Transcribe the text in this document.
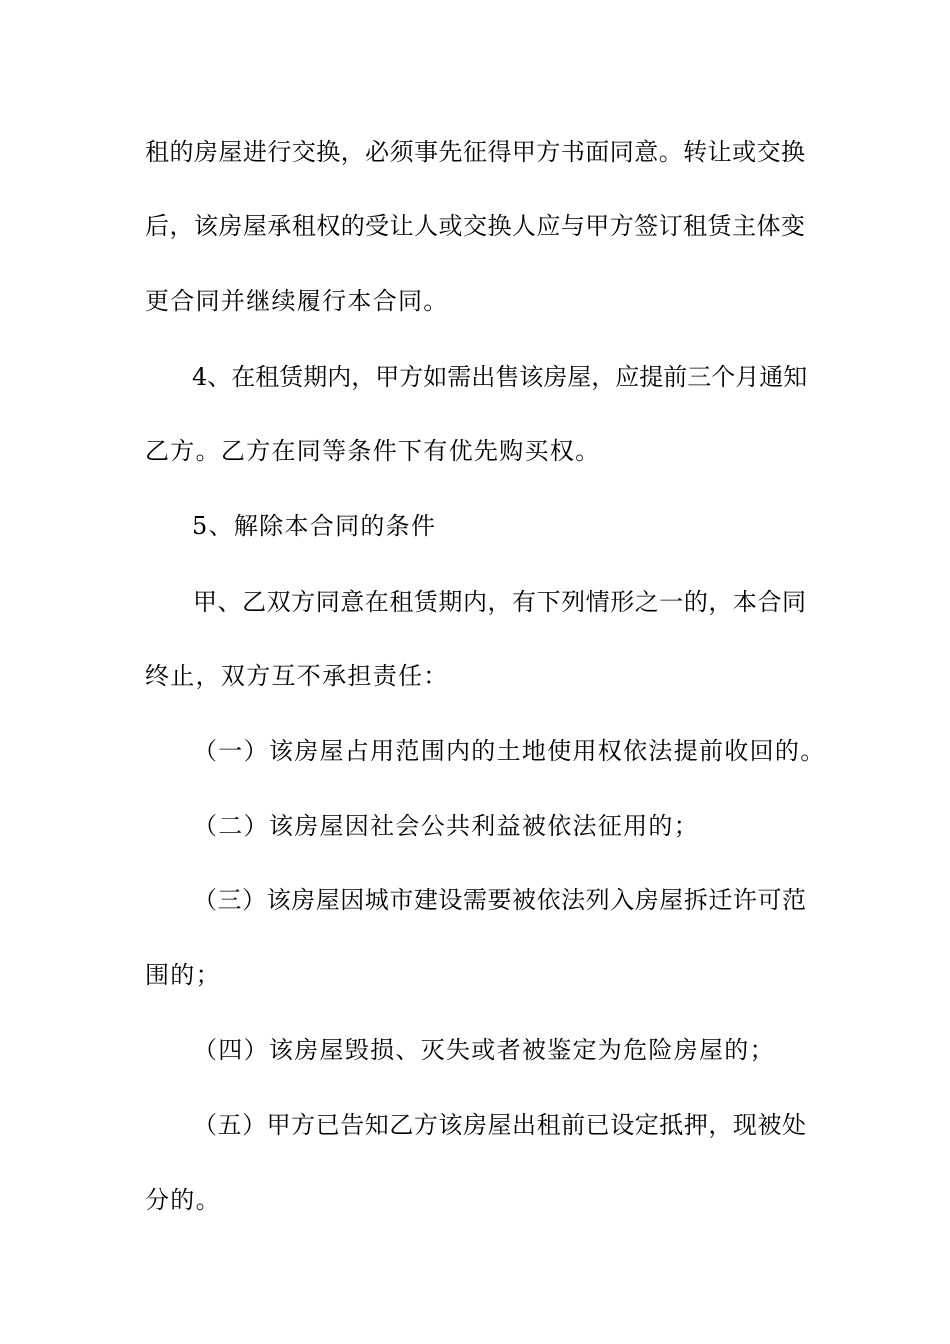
租的房屋进行交换，必须事先征得甲方书面同意。转让或交换
后，该房屋承租权的受让人或交换人应与甲方签订租赁主体变
更合同并继续履行本合同。
4、在租赁期内，甲方如需出售该房屋，应提前三个月通知
乙方。乙方在同等条件下有优先购买权。
5、解除本合同的条件
甲、乙双方同意在租赁期内，有下列情形之一的，本合同
终止，双方互不承担责任：
（一）该房屋占用范围内的土地使用权依法提前收回的。
（二）该房屋因社会公共利益被依法征用的；
（三）该房屋因城市建设需要被依法列入房屋拆迁许可范
围的；
（四）该房屋毁损、灭失或者被鉴定为危险房屋的；
（五）甲方已告知乙方该房屋出租前已设定抵押，现被处
分的。
